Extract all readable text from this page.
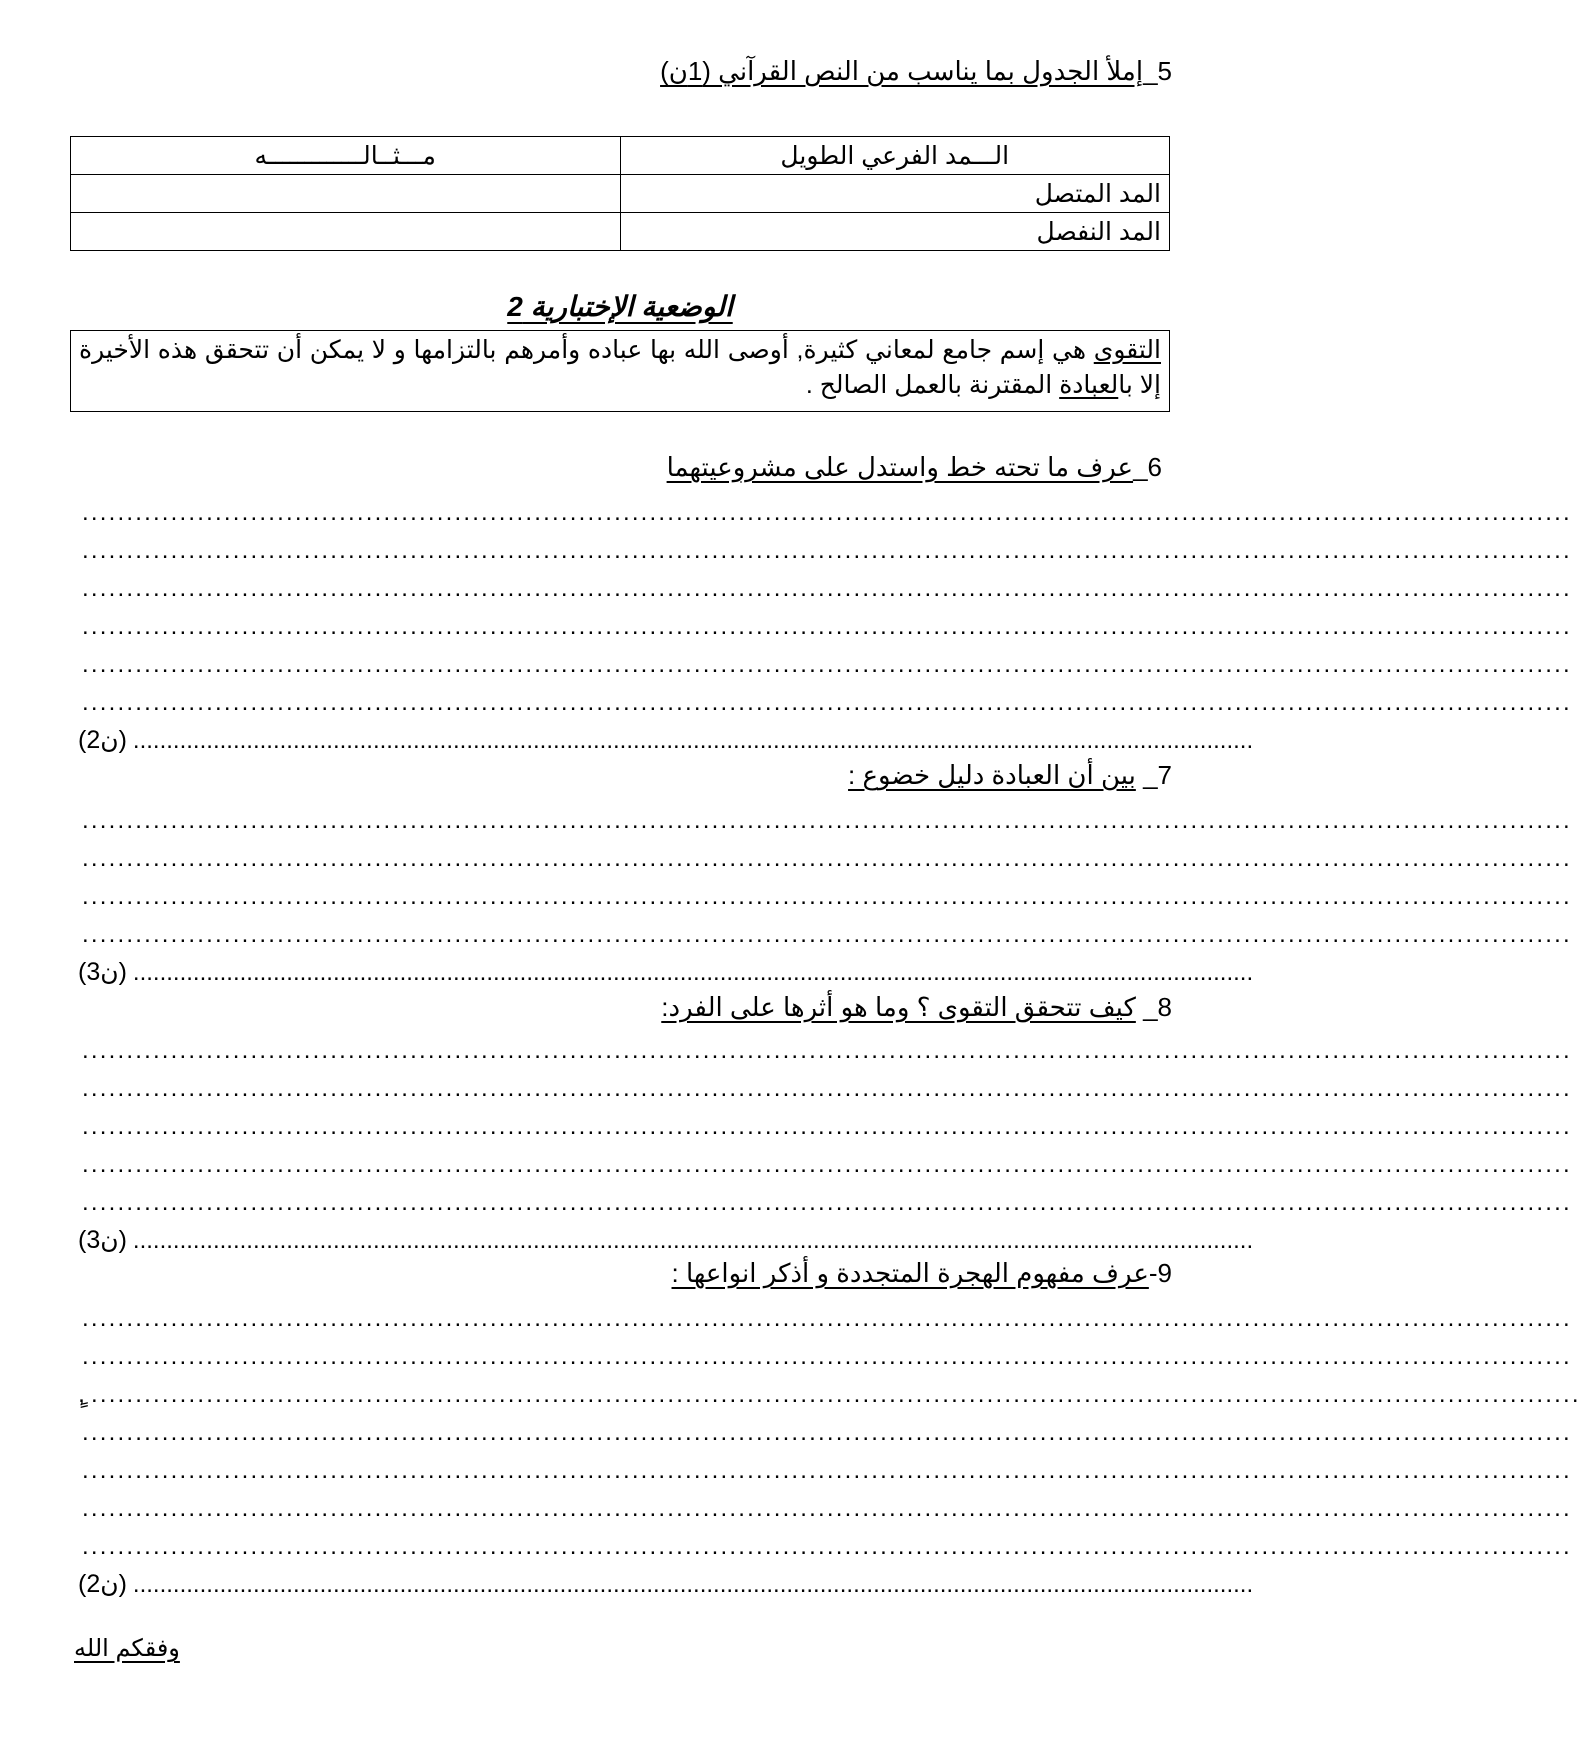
5_إملأ الجدول بما يناسب من النص القرآني (1ن)
الـــمد الفرعي الطويل	مـــثــالـــــــــــــه
المد المتصل	
المد النفصل	
الوضعية الإختبارية 2
التقوى هي إسم جامع لمعاني كثيرة, أوصى الله بها عباده وأمرهم بالتزامها و لا يمكن أن تتحقق هذه الأخيرة إلا بالعبادة المقترنة بالعمل الصالح .
6_عرف ما تحته خط واستدل على مشروعيتهما
........................................................................................................................................................................
........................................................................................................................................................................
........................................................................................................................................................................
........................................................................................................................................................................
........................................................................................................................................................................
........................................................................................................................................................................
(2ن) ........................................................................................................................................................................
7_ بين أن العبادة دليل خضوع :
........................................................................................................................................................................
........................................................................................................................................................................
........................................................................................................................................................................
........................................................................................................................................................................
(3ن) ........................................................................................................................................................................
8_ كيف تتحقق التقوى ؟ وما هو أثرها على الفرد:
........................................................................................................................................................................
........................................................................................................................................................................
........................................................................................................................................................................
........................................................................................................................................................................
........................................................................................................................................................................
(3ن) ........................................................................................................................................................................
9-عرف مفهوم الهجرة المتجددة و أذكر انواعها :
........................................................................................................................................................................
........................................................................................................................................................................
ٍ, ........................................................................................................................................................................
........................................................................................................................................................................
........................................................................................................................................................................
........................................................................................................................................................................
........................................................................................................................................................................
(2ن) ........................................................................................................................................................................
وفقكم الله
